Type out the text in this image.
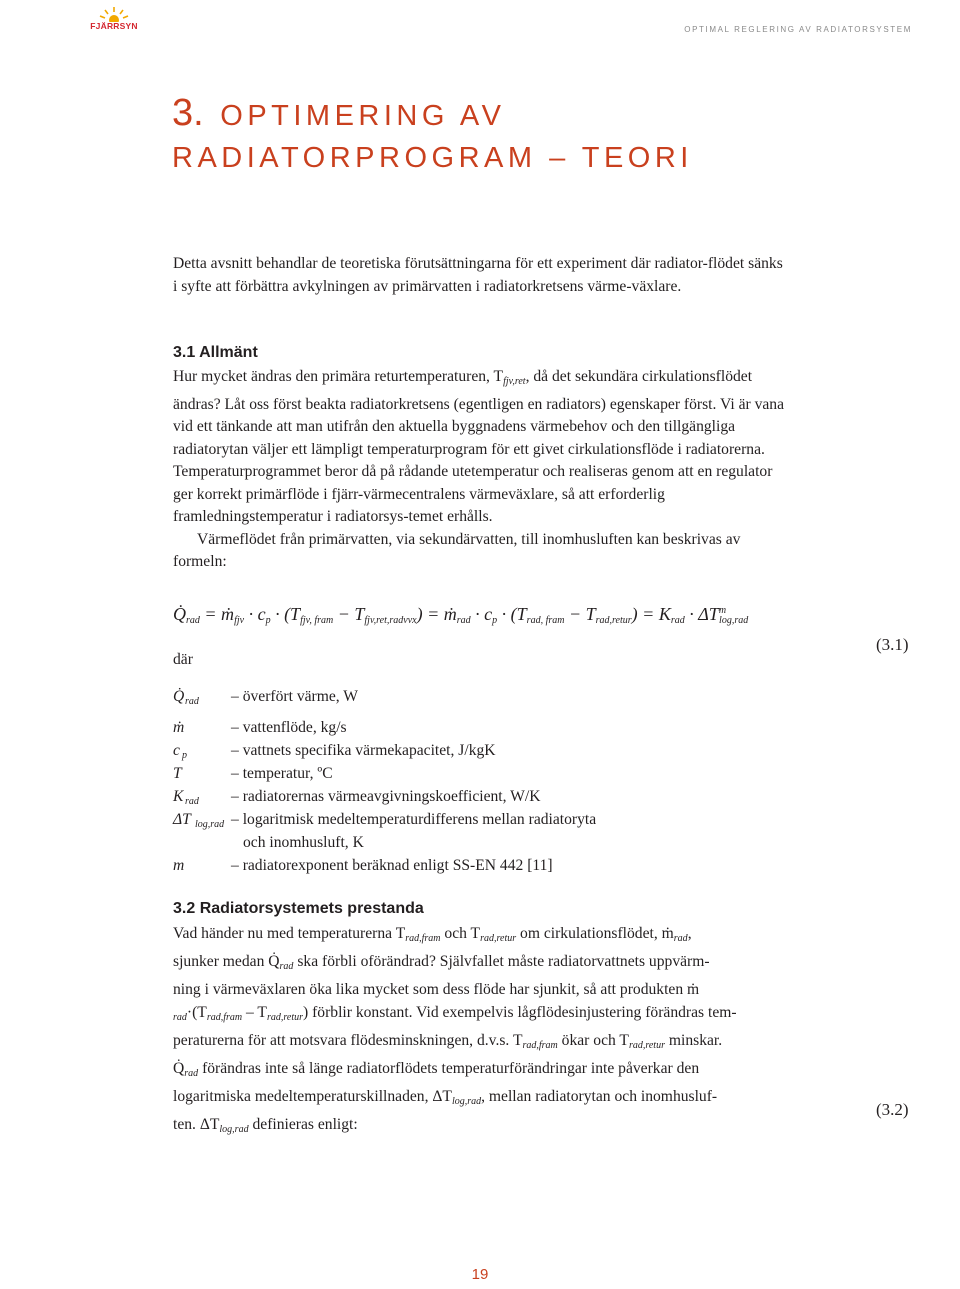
FJÄRRSYN	OPTIMAL REGLERING AV RADIATORSYSTEM
3. OPTIMERING AV
RADIATORPROGRAM – TEORI

Detta avsnitt behandlar de teoretiska förutsättningarna för ett experiment där radiator-flödet sänks i syfte att förbättra avkylningen av primärvatten i radiatorkretsens värme-växlare.

3.1 Allmänt

Hur mycket ändras den primära returtemperaturen, $T_{fjv,ret}$, då det sekundära cirkulationsflödet ändras? Låt oss först beakta radiatorkretsens (egentligen en radiators) egenskaper först. Vi är vana vid ett tänkande att man utifrån den aktuella byggnadens värmebehov och den tillgängliga radiatorytan väljer ett lämpligt temperaturprogram för ett givet cirkulationsflöde i radiatorerna. Temperaturprogrammet beror då på rådande utetemperatur och realiseras genom att en regulator ger korrekt primärflöde i fjärr-värmecentralens värmeväxlare, så att erforderlig framledningstemperatur i radiatorsys-temet erhålls.

Värmeflödet från primärvatten, via sekundärvatten, till inomhusluften kan beskrivas av formeln:

$Q̇_{rad}$ = ṁ$_{fjv}$ · $c_p \cdot (T_{fjv, fram} - T_{fjv,ret,radvvx})$ = ṁ$_{rad}$ · $c_p \cdot (T_{rad, fram} - T_{rad,retur}) = K_{rad} \cdot \Delta T^m_{log,rad}$
där
(3.1)
Q̇ rad – överfört värme, W
ṁ	– vattenflöde, kg/s
c p	– vattnets specifika värmekapacitet, J/kgK
T	– temperatur, ºC
K rad – radiatorernas värmeavgivningskoefficient, W/K
ΔT log,rad – logaritmisk medeltemperaturdifferens mellan radiatoryta
och inomhusluft, K
m	– radiatorexponent beräknad enligt SS-EN 442 [11]
3.2 Radiatorsystemets prestanda

Vad händer nu med temperaturerna $T_{rad,fram}$ och $T_{rad,retur}$ om cirkulationsflödet, ṁ$_{rad}$,

sjunker medan $Q̇_{rad}$ ska förbli oförändrad? Självfallet måste radiatorvattnets uppvärm-

ning i värmeväxlaren öka lika mycket som dess flöde har sjunkit, så att produkten ṁ

$_{rad}\cdot(T_{rad,fram} - T_{rad,retur})$ förblir konstant. Vid exempelvis lågflödesinjustering förändras tem-

peraturerna för att motsvara flödesminskningen, d.v.s. $T_{rad,fram}$ ökar och $T_{rad,retur}$ minskar.

$Q̇_{rad}$ förändras inte så länge radiatorflödets temperaturförändringar inte påverkar den

logaritmiska medeltemperaturskillnaden, $\Delta T_{log,rad}$, mellan radiatorytan och inomhusluf-

ten. $\Delta T_{log,rad}$ definieras enligt:

(3.2)
19
